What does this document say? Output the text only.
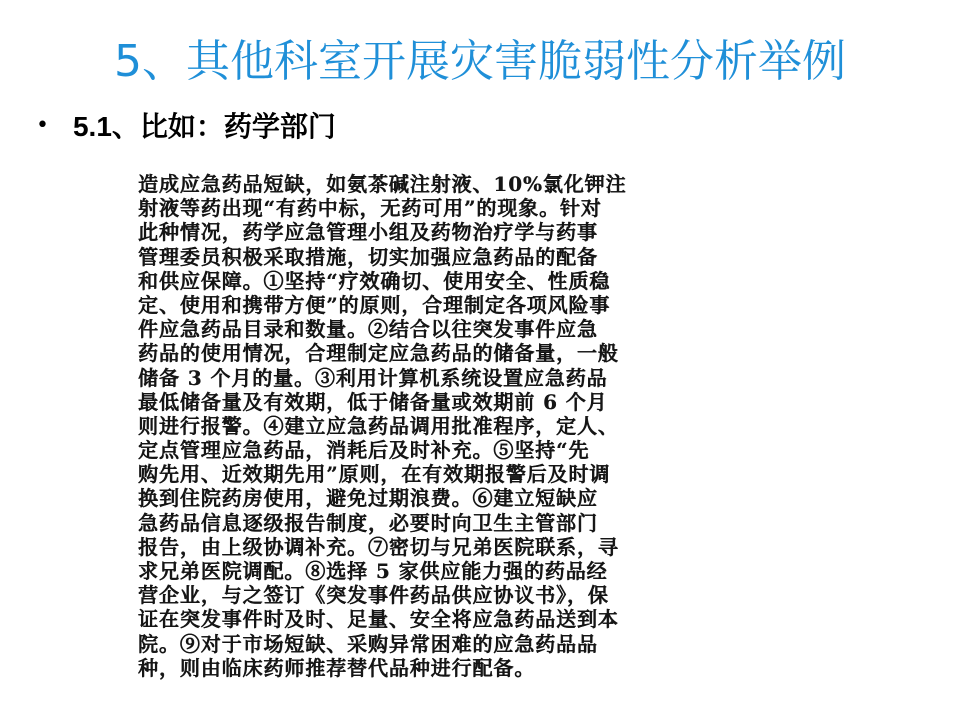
5、其他科室开展灾害脆弱性分析举例
• 5.1、比如：药学部门
造成应急药品短缺，如氨茶碱注射液、10%氯化钾注
射液等药出现“有药中标，无药可用”的现象。针对
此种情况，药学应急管理小组及药物治疗学与药事
管理委员积极采取措施，切实加强应急药品的配备
和供应保障。①坚持“疗效确切、使用安全、性质稳
定、使用和携带方便”的原则，合理制定各项风险事
件应急药品目录和数量。②结合以往突发事件应急
药品的使用情况，合理制定应急药品的储备量，一般
储备 3 个月的量。③利用计算机系统设置应急药品
最低储备量及有效期，低于储备量或效期前 6 个月
则进行报警。④建立应急药品调用批准程序，定人、
定点管理应急药品，消耗后及时补充。⑤坚持“先
购先用、近效期先用”原则，在有效期报警后及时调
换到住院药房使用，避免过期浪费。⑥建立短缺应
急药品信息逐级报告制度，必要时向卫生主管部门
报告，由上级协调补充。⑦密切与兄弟医院联系，寻
求兄弟医院调配。⑧选择 5 家供应能力强的药品经
营企业，与之签订《突发事件药品供应协议书》，保
证在突发事件时及时、足量、安全将应急药品送到本
院。⑨对于市场短缺、采购异常困难的应急药品品
种，则由临床药师推荐替代品种进行配备。
